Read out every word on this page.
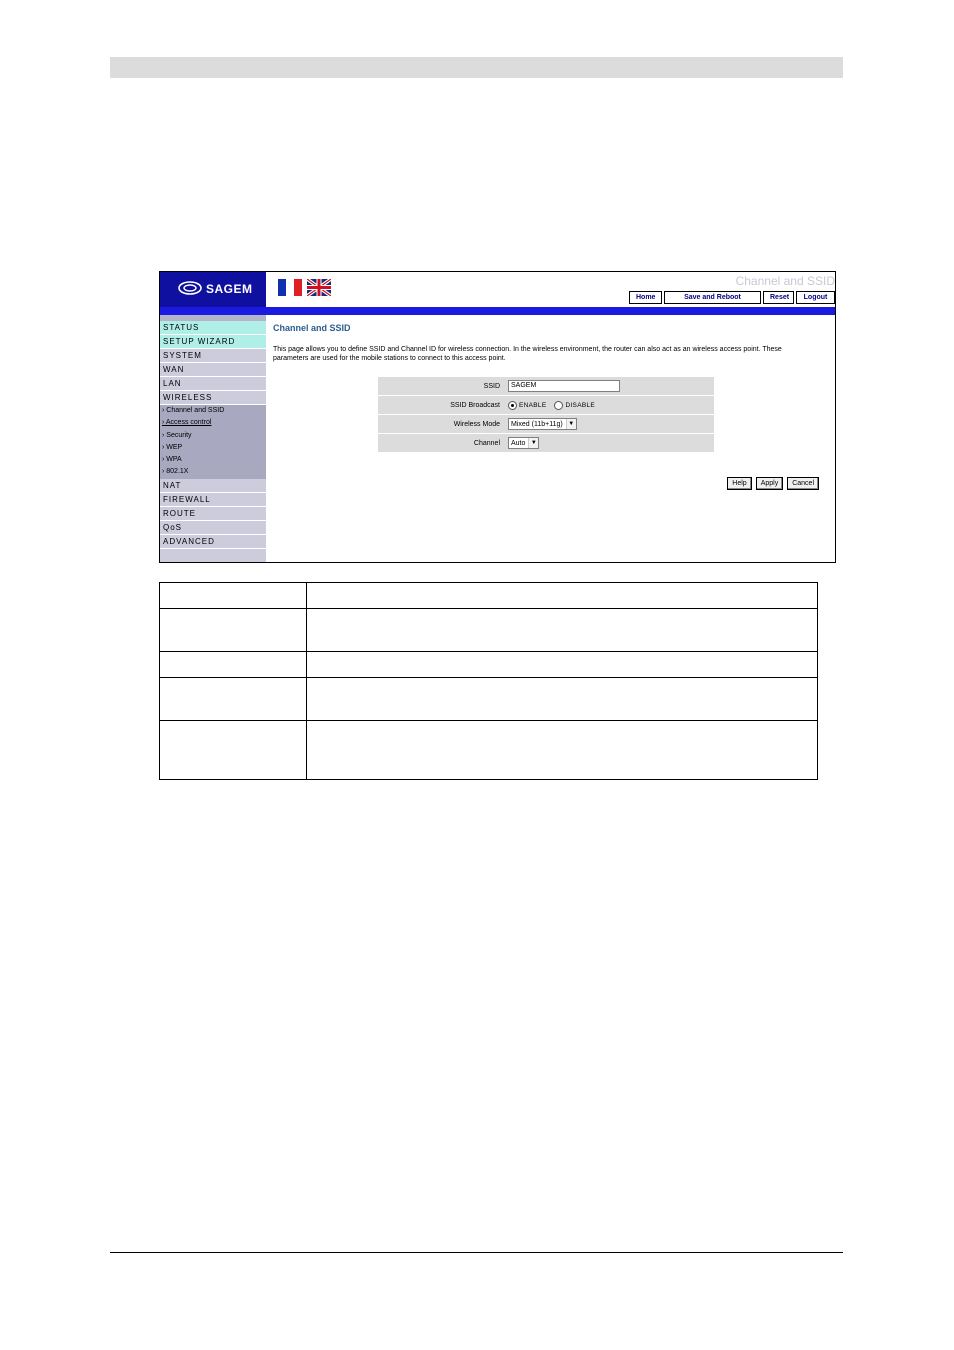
SAGEM
Channel and SSID
Home	Save and Reboot	Reset	Logout
STATUS
SETUP WIZARD
SYSTEM
WAN
LAN
WIRELESS
› Channel and SSID
› Access control
› Security
› WEP
› WPA
› 802.1X
NAT
FIREWALL
ROUTE
QoS
ADVANCED
Channel and SSID
This page allows you to define SSID and Channel ID for wireless connection. In the wireless environment, the router can also act as an wireless access point. These parameters are used for the mobile stations to connect to this access point.
SSID	SAGEM
SSID Broadcast	ENABLE	DISABLE
Wireless Mode	Mixed (11b+11g) ▼
Channel	Auto ▼
Help	Apply	Cancel
